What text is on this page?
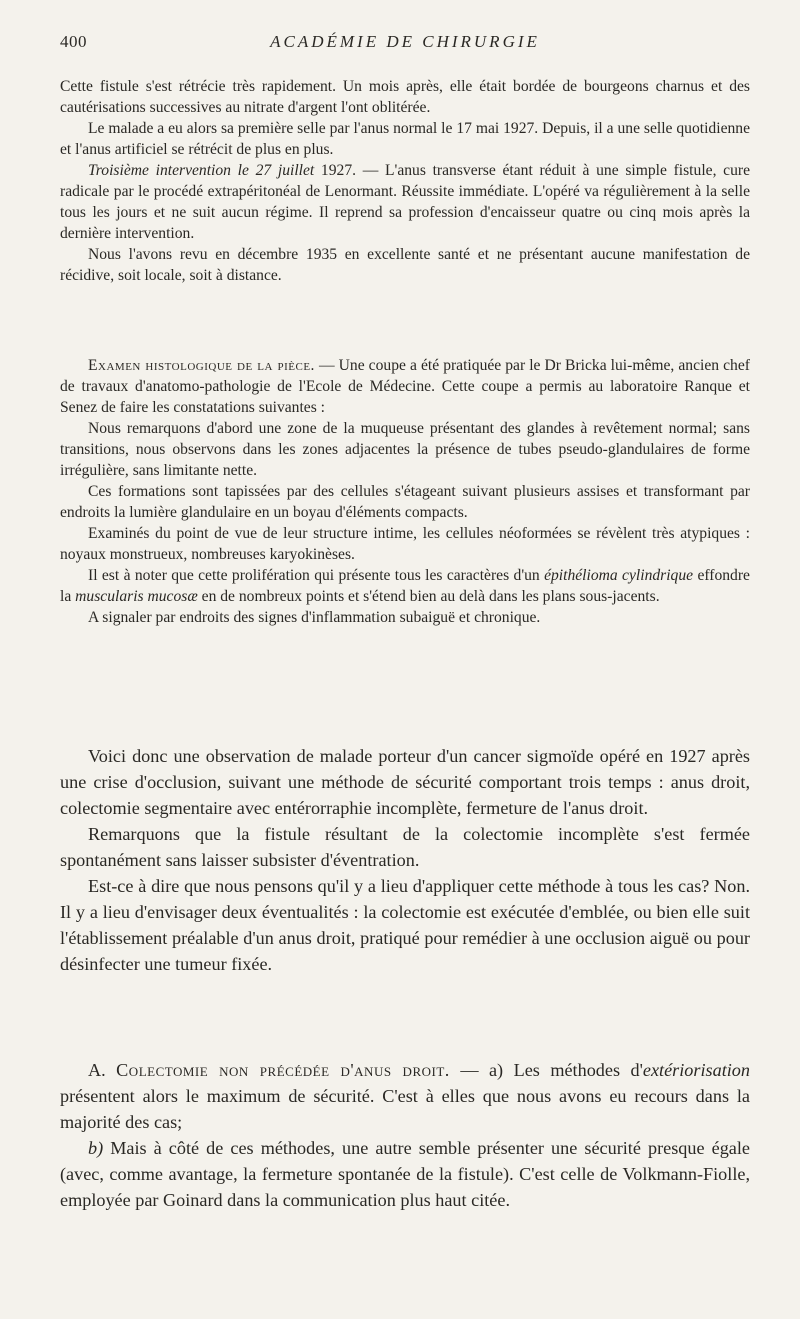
400	ACADÉMIE DE CHIRURGIE

Cette fistule s'est rétrécie très rapidement. Un mois après, elle était bordée de bourgeons charnus et des cautérisations successives au nitrate d'argent l'ont oblitérée.

Le malade a eu alors sa première selle par l'anus normal le 17 mai 1927. Depuis, il a une selle quotidienne et l'anus artificiel se rétrécit de plus en plus.

Troisième intervention le 27 juillet 1927. — L'anus transverse étant réduit à une simple fistule, cure radicale par le procédé extrapéritonéal de Lenormant. Réussite immédiate. L'opéré va régulièrement à la selle tous les jours et ne suit aucun régime. Il reprend sa profession d'encaisseur quatre ou cinq mois après la dernière intervention.

Nous l'avons revu en décembre 1935 en excellente santé et ne présentant aucune manifestation de récidive, soit locale, soit à distance.

Examen histologique de la pièce. — Une coupe a été pratiquée par le Dr Bricka lui-même, ancien chef de travaux d'anatomo-pathologie de l'Ecole de Médecine. Cette coupe a permis au laboratoire Ranque et Senez de faire les constatations suivantes :

Nous remarquons d'abord une zone de la muqueuse présentant des glandes à revêtement normal; sans transitions, nous observons dans les zones adjacentes la présence de tubes pseudo-glandulaires de forme irrégulière, sans limitante nette.

Ces formations sont tapissées par des cellules s'étageant suivant plusieurs assises et transformant par endroits la lumière glandulaire en un boyau d'éléments compacts.

Examinés du point de vue de leur structure intime, les cellules néoformées se révèlent très atypiques : noyaux monstrueux, nombreuses karyokinèses.

Il est à noter que cette prolifération qui présente tous les caractères d'un épithélioma cylindrique effondre la muscularis mucosæ en de nombreux points et s'étend bien au delà dans les plans sous-jacents.

A signaler par endroits des signes d'inflammation subaiguë et chronique.

Voici donc une observation de malade porteur d'un cancer sigmoïde opéré en 1927 après une crise d'occlusion, suivant une méthode de sécurité comportant trois temps : anus droit, colectomie segmentaire avec entérorraphie incomplète, fermeture de l'anus droit.

Remarquons que la fistule résultant de la colectomie incomplète s'est fermée spontanément sans laisser subsister d'éventration.

Est-ce à dire que nous pensons qu'il y a lieu d'appliquer cette méthode à tous les cas? Non. Il y a lieu d'envisager deux éventualités : la colectomie est exécutée d'emblée, ou bien elle suit l'établissement préalable d'un anus droit, pratiqué pour remédier à une occlusion aiguë ou pour désinfecter une tumeur fixée.

A. Colectomie non précédée d'anus droit. — a) Les méthodes d'extériorisation présentent alors le maximum de sécurité. C'est à elles que nous avons eu recours dans la majorité des cas;

b) Mais à côté de ces méthodes, une autre semble présenter une sécurité presque égale (avec, comme avantage, la fermeture spontanée de la fistule). C'est celle de Volkmann-Fiolle, employée par Goinard dans la communication plus haut citée.
